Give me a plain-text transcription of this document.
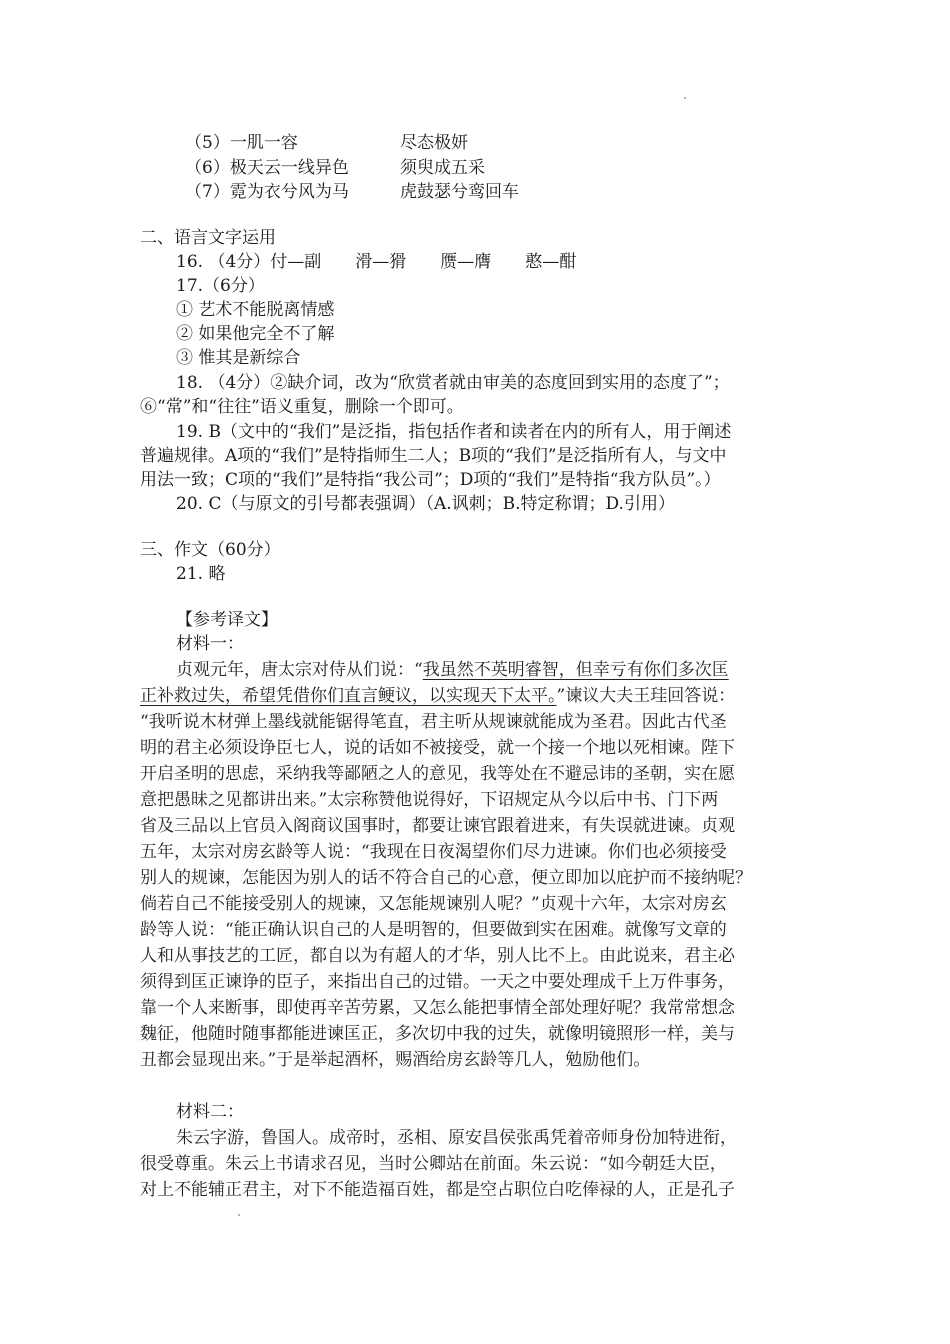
（5）一肌一容	尽态极妍
（6）极天云一线异色	须臾成五采
（7）霓为衣兮风为马	虎鼓瑟兮鸾回车
二、语言文字运用
16. （4分）付—副　　滑—猾　　赝—膺　　憨—酣
17.（6分）
① 艺术不能脱离情感
② 如果他完全不了解
③ 惟其是新综合
18. （4分）②缺介词，改为“欣赏者就由审美的态度回到实用的态度了”；
⑥“常”和“往往”语义重复，删除一个即可。
19. B（文中的“我们”是泛指，指包括作者和读者在内的所有人，用于阐述
普遍规律。A项的“我们”是特指师生二人；B项的“我们”是泛指所有人，与文中
用法一致；C项的“我们”是特指“我公司”；D项的“我们”是特指“我方队员”。）
20. C（与原文的引号都表强调）（A.讽刺；B.特定称谓；D.引用）
三、作文（60分）
21. 略
【参考译文】
材料一：
贞观元年，唐太宗对侍从们说：“我虽然不英明睿智，但幸亏有你们多次匡
正补救过失，希望凭借你们直言鲠议，以实现天下太平。”谏议大夫王珪回答说：
“我听说木材弹上墨线就能锯得笔直，君主听从规谏就能成为圣君。因此古代圣
明的君主必须设诤臣七人，说的话如不被接受，就一个接一个地以死相谏。陛下
开启圣明的思虑，采纳我等鄙陋之人的意见，我等处在不避忌讳的圣朝，实在愿
意把愚昧之见都讲出来。”太宗称赞他说得好，下诏规定从今以后中书、门下两
省及三品以上官员入阁商议国事时，都要让谏官跟着进来，有失误就进谏。贞观
五年，太宗对房玄龄等人说：“我现在日夜渴望你们尽力进谏。你们也必须接受
别人的规谏，怎能因为别人的话不符合自己的心意，便立即加以庇护而不接纳呢？
倘若自己不能接受别人的规谏，又怎能规谏别人呢？”贞观十六年，太宗对房玄
龄等人说：“能正确认识自己的人是明智的，但要做到实在困难。就像写文章的
人和从事技艺的工匠，都自以为有超人的才华，别人比不上。由此说来，君主必
须得到匡正谏诤的臣子，来指出自己的过错。一天之中要处理成千上万件事务，
靠一个人来断事，即使再辛苦劳累，又怎么能把事情全部处理好呢？我常常想念
魏征，他随时随事都能进谏匡正，多次切中我的过失，就像明镜照形一样，美与
丑都会显现出来。”于是举起酒杯，赐酒给房玄龄等几人，勉励他们。
材料二：
朱云字游，鲁国人。成帝时，丞相、原安昌侯张禹凭着帝师身份加特进衔，
很受尊重。朱云上书请求召见，当时公卿站在前面。朱云说：“如今朝廷大臣，
对上不能辅正君主，对下不能造福百姓，都是空占职位白吃俸禄的人，正是孔子
